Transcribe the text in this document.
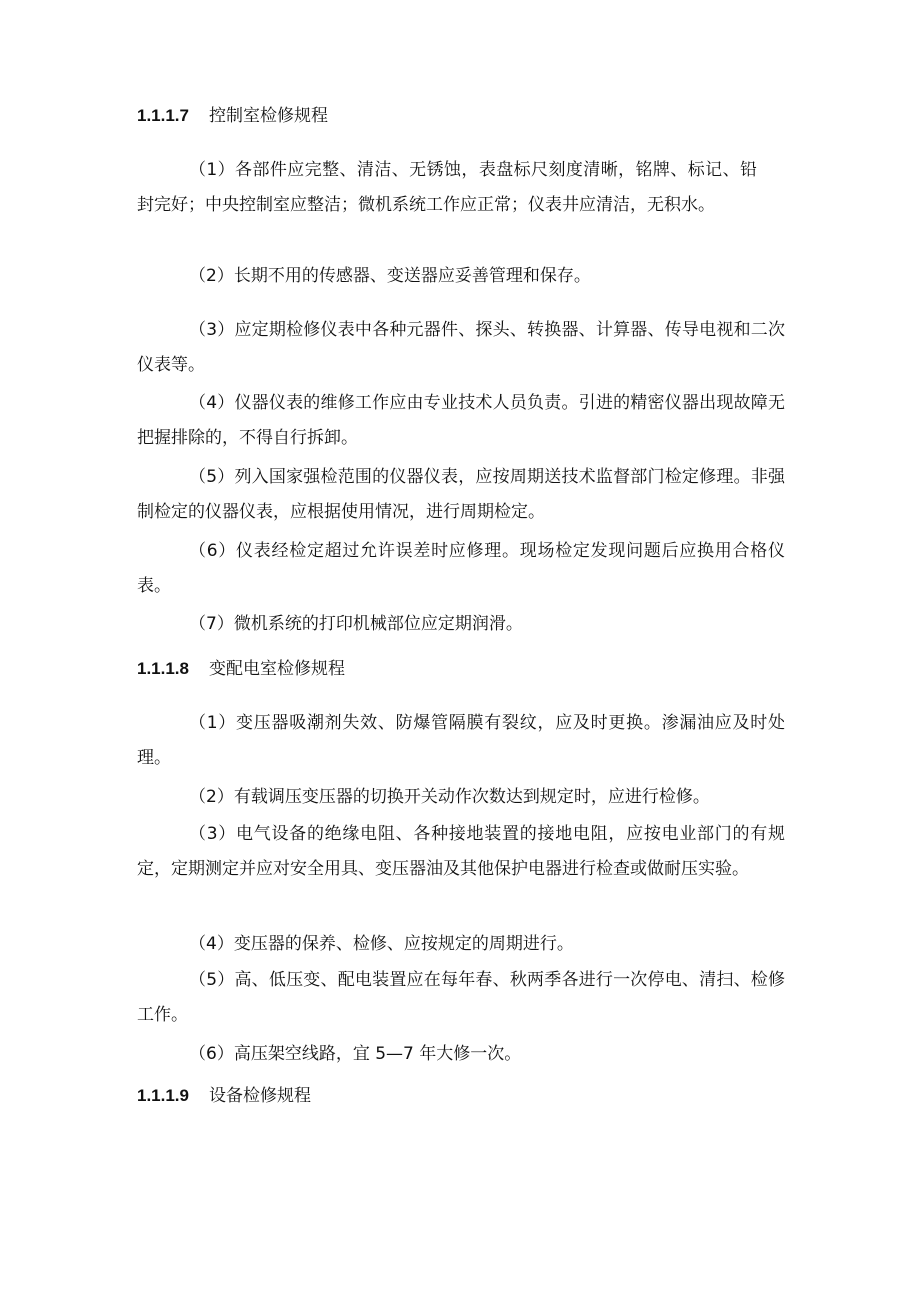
1.1.1.7 控制室检修规程

（1）各部件应完整、清洁、无锈蚀，表盘标尺刻度清晰，铭牌、标记、铅封完好；中央控制室应整洁；微机系统工作应正常；仪表井应清洁，无积水。

（2）长期不用的传感器、变送器应妥善管理和保存。

（3）应定期检修仪表中各种元器件、探头、转换器、计算器、传导电视和二次仪表等。

（4）仪器仪表的维修工作应由专业技术人员负责。引进的精密仪器出现故障无把握排除的，不得自行拆卸。

（5）列入国家强检范围的仪器仪表，应按周期送技术监督部门检定修理。非强制检定的仪器仪表，应根据使用情况，进行周期检定。

（6）仪表经检定超过允许误差时应修理。现场检定发现问题后应换用合格仪表。

（7）微机系统的打印机械部位应定期润滑。

1.1.1.8 变配电室检修规程

（1）变压器吸潮剂失效、防爆管隔膜有裂纹，应及时更换。渗漏油应及时处理。

（2）有载调压变压器的切换开关动作次数达到规定时，应进行检修。

（3）电气设备的绝缘电阻、各种接地装置的接地电阻，应按电业部门的有规定，定期测定并应对安全用具、变压器油及其他保护电器进行检查或做耐压实验。

（4）变压器的保养、检修、应按规定的周期进行。

（5）高、低压变、配电装置应在每年春、秋两季各进行一次停电、清扫、检修工作。

（6）高压架空线路，宜 5—7 年大修一次。

1.1.1.9 设备检修规程
